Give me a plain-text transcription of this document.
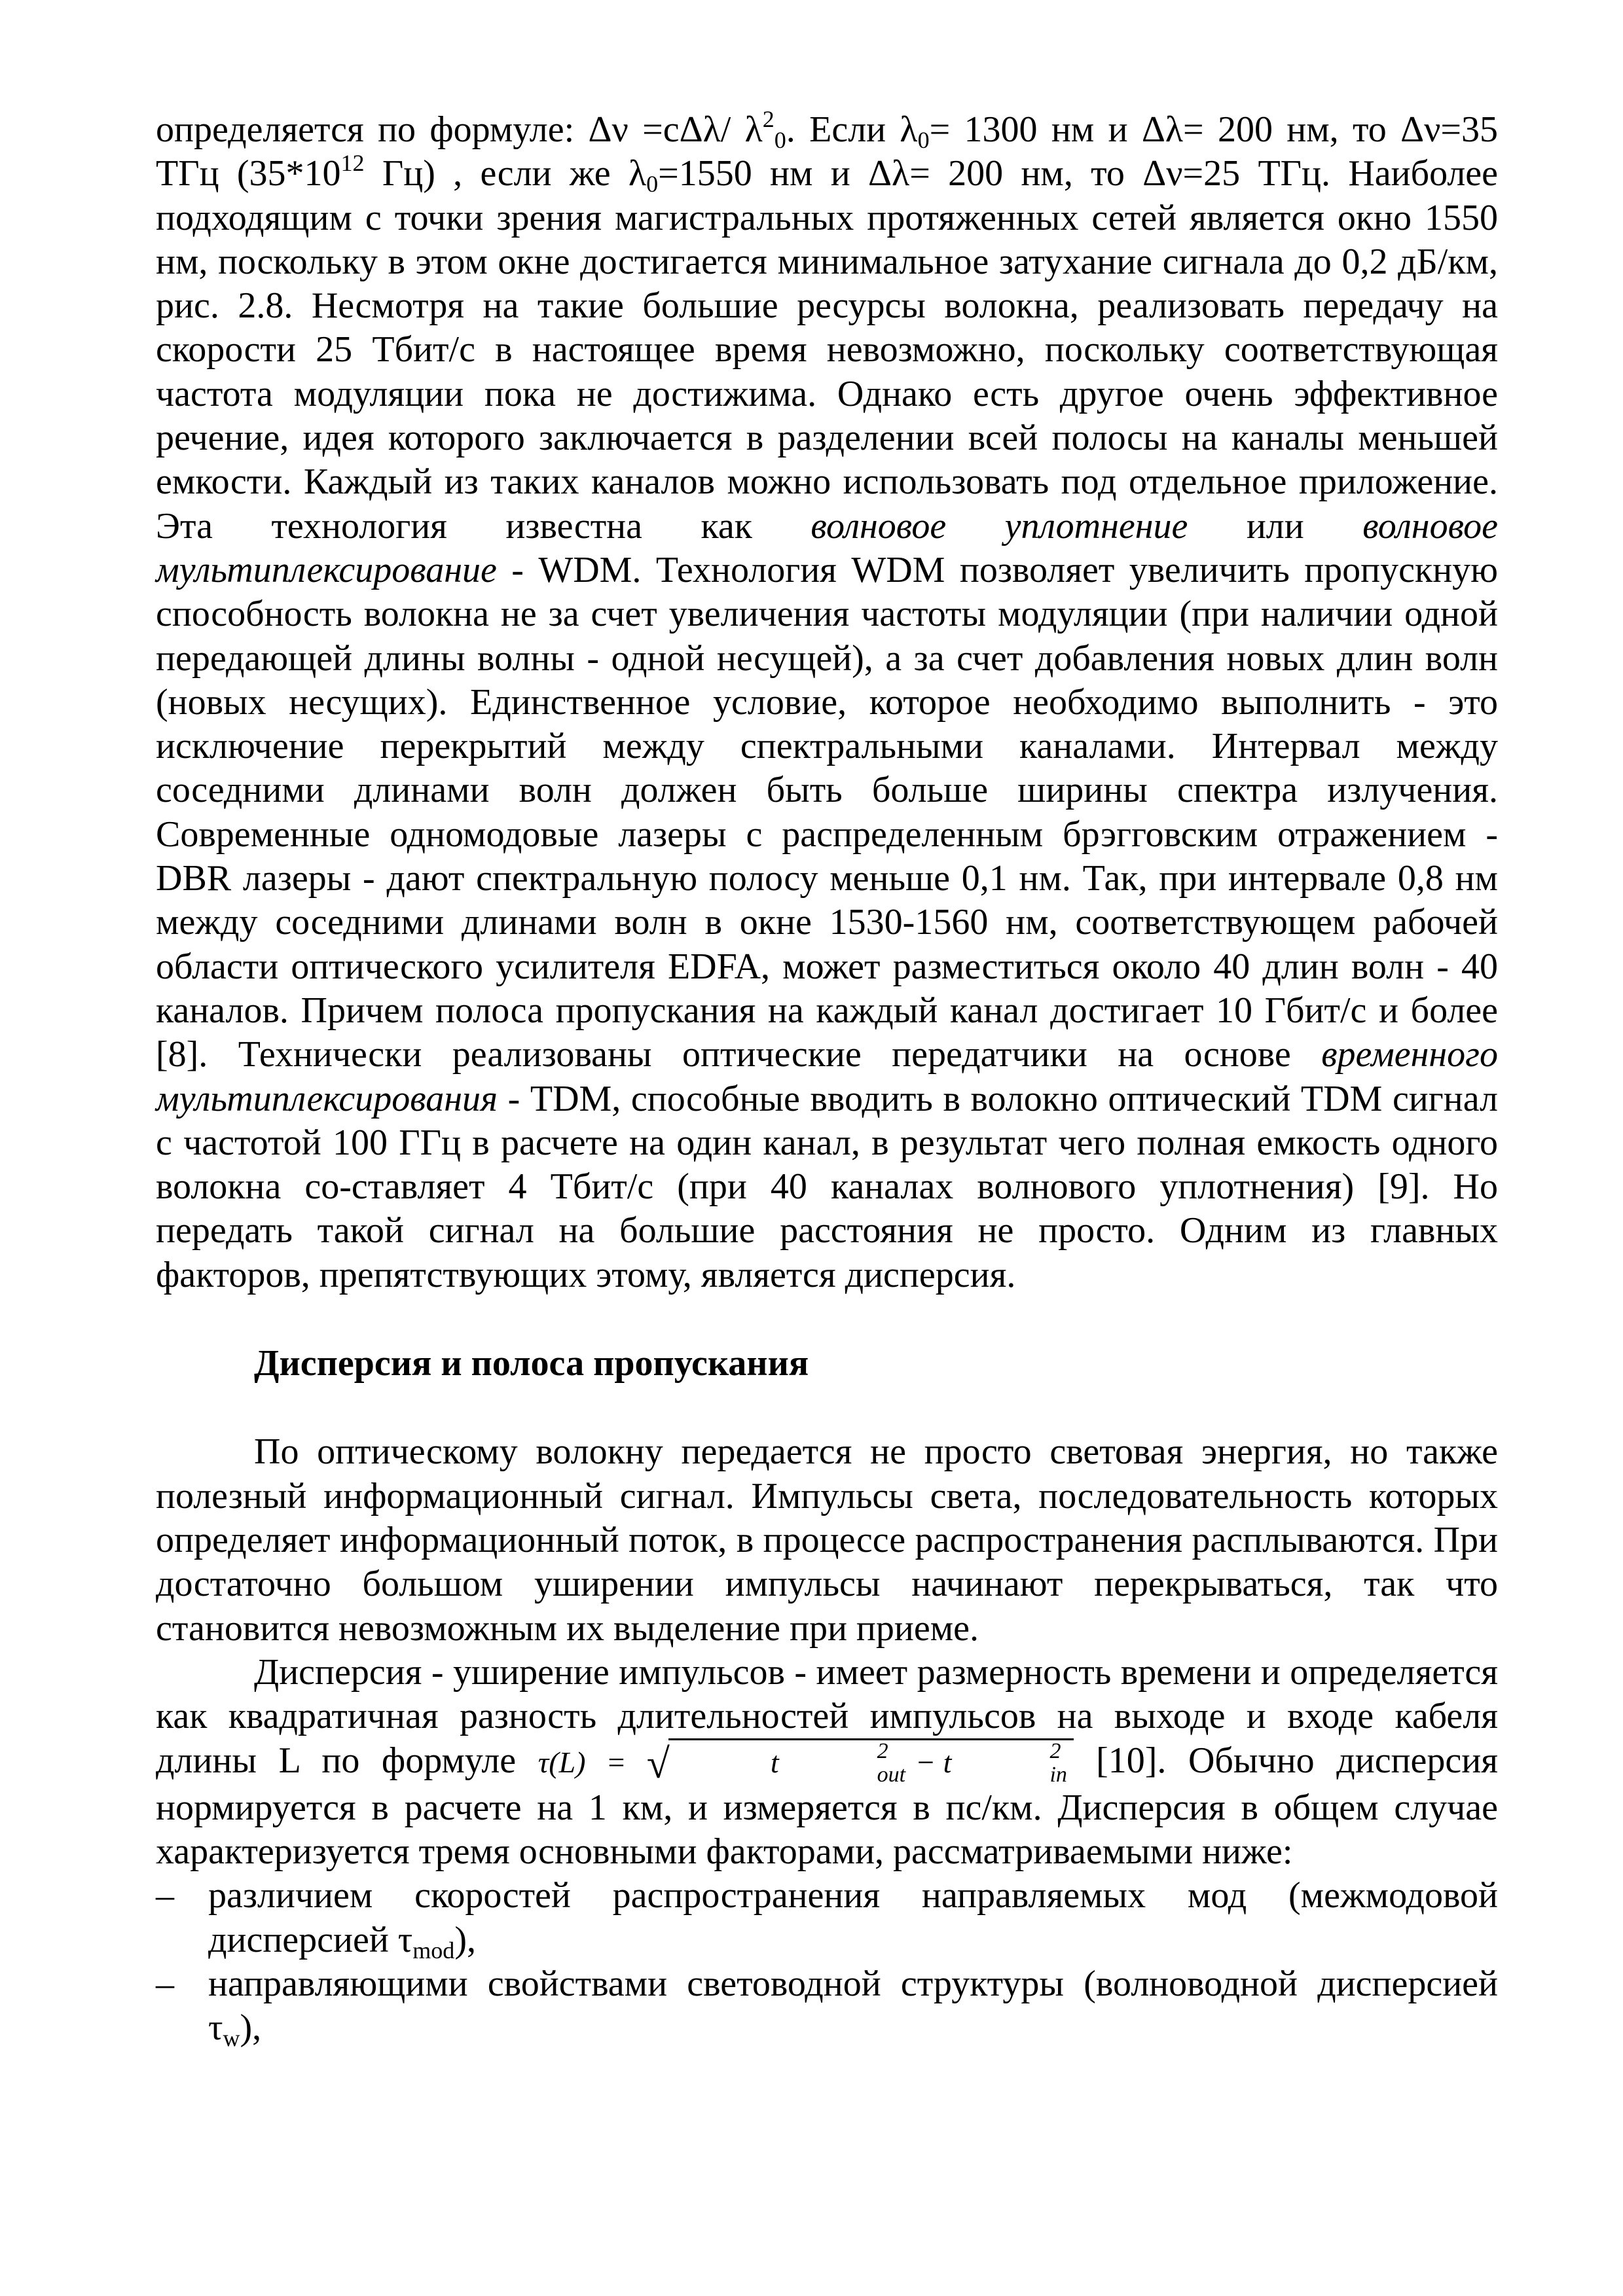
определяется по формуле: Δν =cΔλ/ $\lambda^2_0$. Если $\lambda_0= 1300$ нм и Δλ= 200 нм, то Δν=35 ТГц ($35*10^{12}$ Гц) , если же $\lambda_0=1550$ нм и Δλ= 200 нм, то Δν=25 ТГц. Наиболее подходящим с точки зрения магистральных протяженных сетей является окно 1550 нм, поскольку в этом окне достигается минимальное затухание сигнала до 0,2 дБ/км, рис. 2.8. Несмотря на такие большие ресурсы волокна, реализовать передачу на скорости 25 Тбит/с в настоящее время невозможно, поскольку соответствующая частота модуляции пока не достижима. Однако есть другое очень эффективное речение, идея которого заключается в разделении всей полосы на каналы меньшей емкости. Каждый из таких каналов можно использовать под отдельное приложение. Эта технология известна как волновое уплотнение или волновое мультиплексирование - WDM. Технология WDM позволяет увеличить пропускную способность волокна не за счет увеличения частоты модуляции (при наличии одной передающей длины волны - одной несущей), а за счет добавления новых длин волн (новых несущих). Единственное условие, которое необходимо выполнить - это исключение перекрытий между спектральными каналами. Интервал между соседними длинами волн должен быть больше ширины спектра излучения. Современные одномодовые лазеры с распределенным брэгговским отражением - DBR лазеры - дают спектральную полосу меньше 0,1 нм. Так, при интервале 0,8 нм между соседними длинами волн в окне 1530-1560 нм, соответствующем рабочей области оптического усилителя EDFA, может разместиться около 40 длин волн - 40 каналов. Причем полоса пропускания на каждый канал достигает 10 Гбит/с и более [8]. Технически реализованы оптические передатчики на основе временного мультиплексирования - TDM, способные вводить в волокно оптический TDM сигнал с частотой 100 ГГц в расчете на один канал, в результат чего полная емкость одного волокна со-ставляет 4 Тбит/с (при 40 каналах волнового уплотнения) [9]. Но передать такой сигнал на большие расстояния не просто. Одним из главных факторов, препятствующих этому, является дисперсия.

Дисперсия и полоса пропускания

По оптическому волокну передается не просто световая энергия, но также полезный информационный сигнал. Импульсы света, последовательность которых определяет информационный поток, в процессе распространения расплываются. При достаточно большом уширении импульсы начинают перекрываться, так что становится невозможным их выделение при приеме.

Дисперсия - уширение импульсов - имеет размерность времени и определяется как квадратичная разность длительностей импульсов на выходе и входе кабеля длины L по формуле τ(L) = √	t	2
out − t	2
in [10]. Обычно дисперсия нормируется в расчете на 1 км, и измеряется в пс/км. Дисперсия в общем случае характеризуется тремя основными факторами, рассматриваемыми ниже:

– различием скоростей распространения направляемых мод (межмодовой дисперсией $\tau_{mod}$),
– направляющими свойствами световодной структуры (волноводной дисперсией $\tau_w$),
